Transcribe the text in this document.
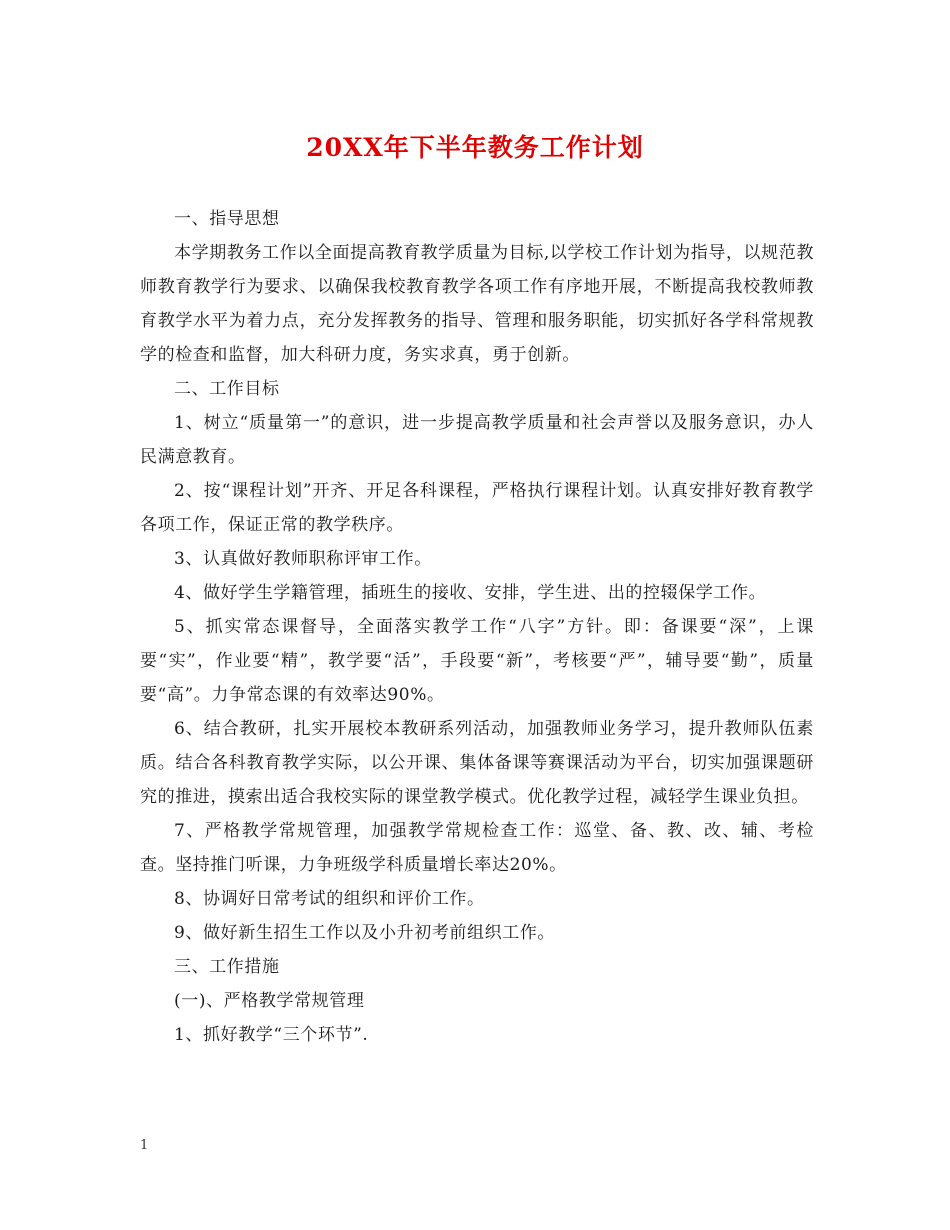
20XX年下半年教务工作计划

一、指导思想

本学期教务工作以全面提高教育教学质量为目标,以学校工作计划为指导，以规范教师教育教学行为要求、以确保我校教育教学各项工作有序地开展，不断提高我校教师教育教学水平为着力点，充分发挥教务的指导、管理和服务职能，切实抓好各学科常规教学的检查和监督，加大科研力度，务实求真，勇于创新。

二、工作目标

1、树立“质量第一”的意识，进一步提高教学质量和社会声誉以及服务意识，办人民满意教育。

2、按“课程计划”开齐、开足各科课程，严格执行课程计划。认真安排好教育教学各项工作，保证正常的教学秩序。

3、认真做好教师职称评审工作。

4、做好学生学籍管理，插班生的接收、安排，学生进、出的控辍保学工作。

5、抓实常态课督导，全面落实教学工作“八字”方针。即：备课要“深”，上课要“实”，作业要“精”，教学要“活”，手段要“新”，考核要“严”，辅导要“勤”，质量要“高”。力争常态课的有效率达90%。

6、结合教研，扎实开展校本教研系列活动，加强教师业务学习，提升教师队伍素质。结合各科教育教学实际，以公开课、集体备课等赛课活动为平台，切实加强课题研究的推进，摸索出适合我校实际的课堂教学模式。优化教学过程，减轻学生课业负担。

7、严格教学常规管理，加强教学常规检查工作：巡堂、备、教、改、辅、考检查。坚持推门听课，力争班级学科质量增长率达20%。

8、协调好日常考试的组织和评价工作。

9、做好新生招生工作以及小升初考前组织工作。

三、工作措施

(一)、严格教学常规管理

1、抓好教学“三个环节”.

1
